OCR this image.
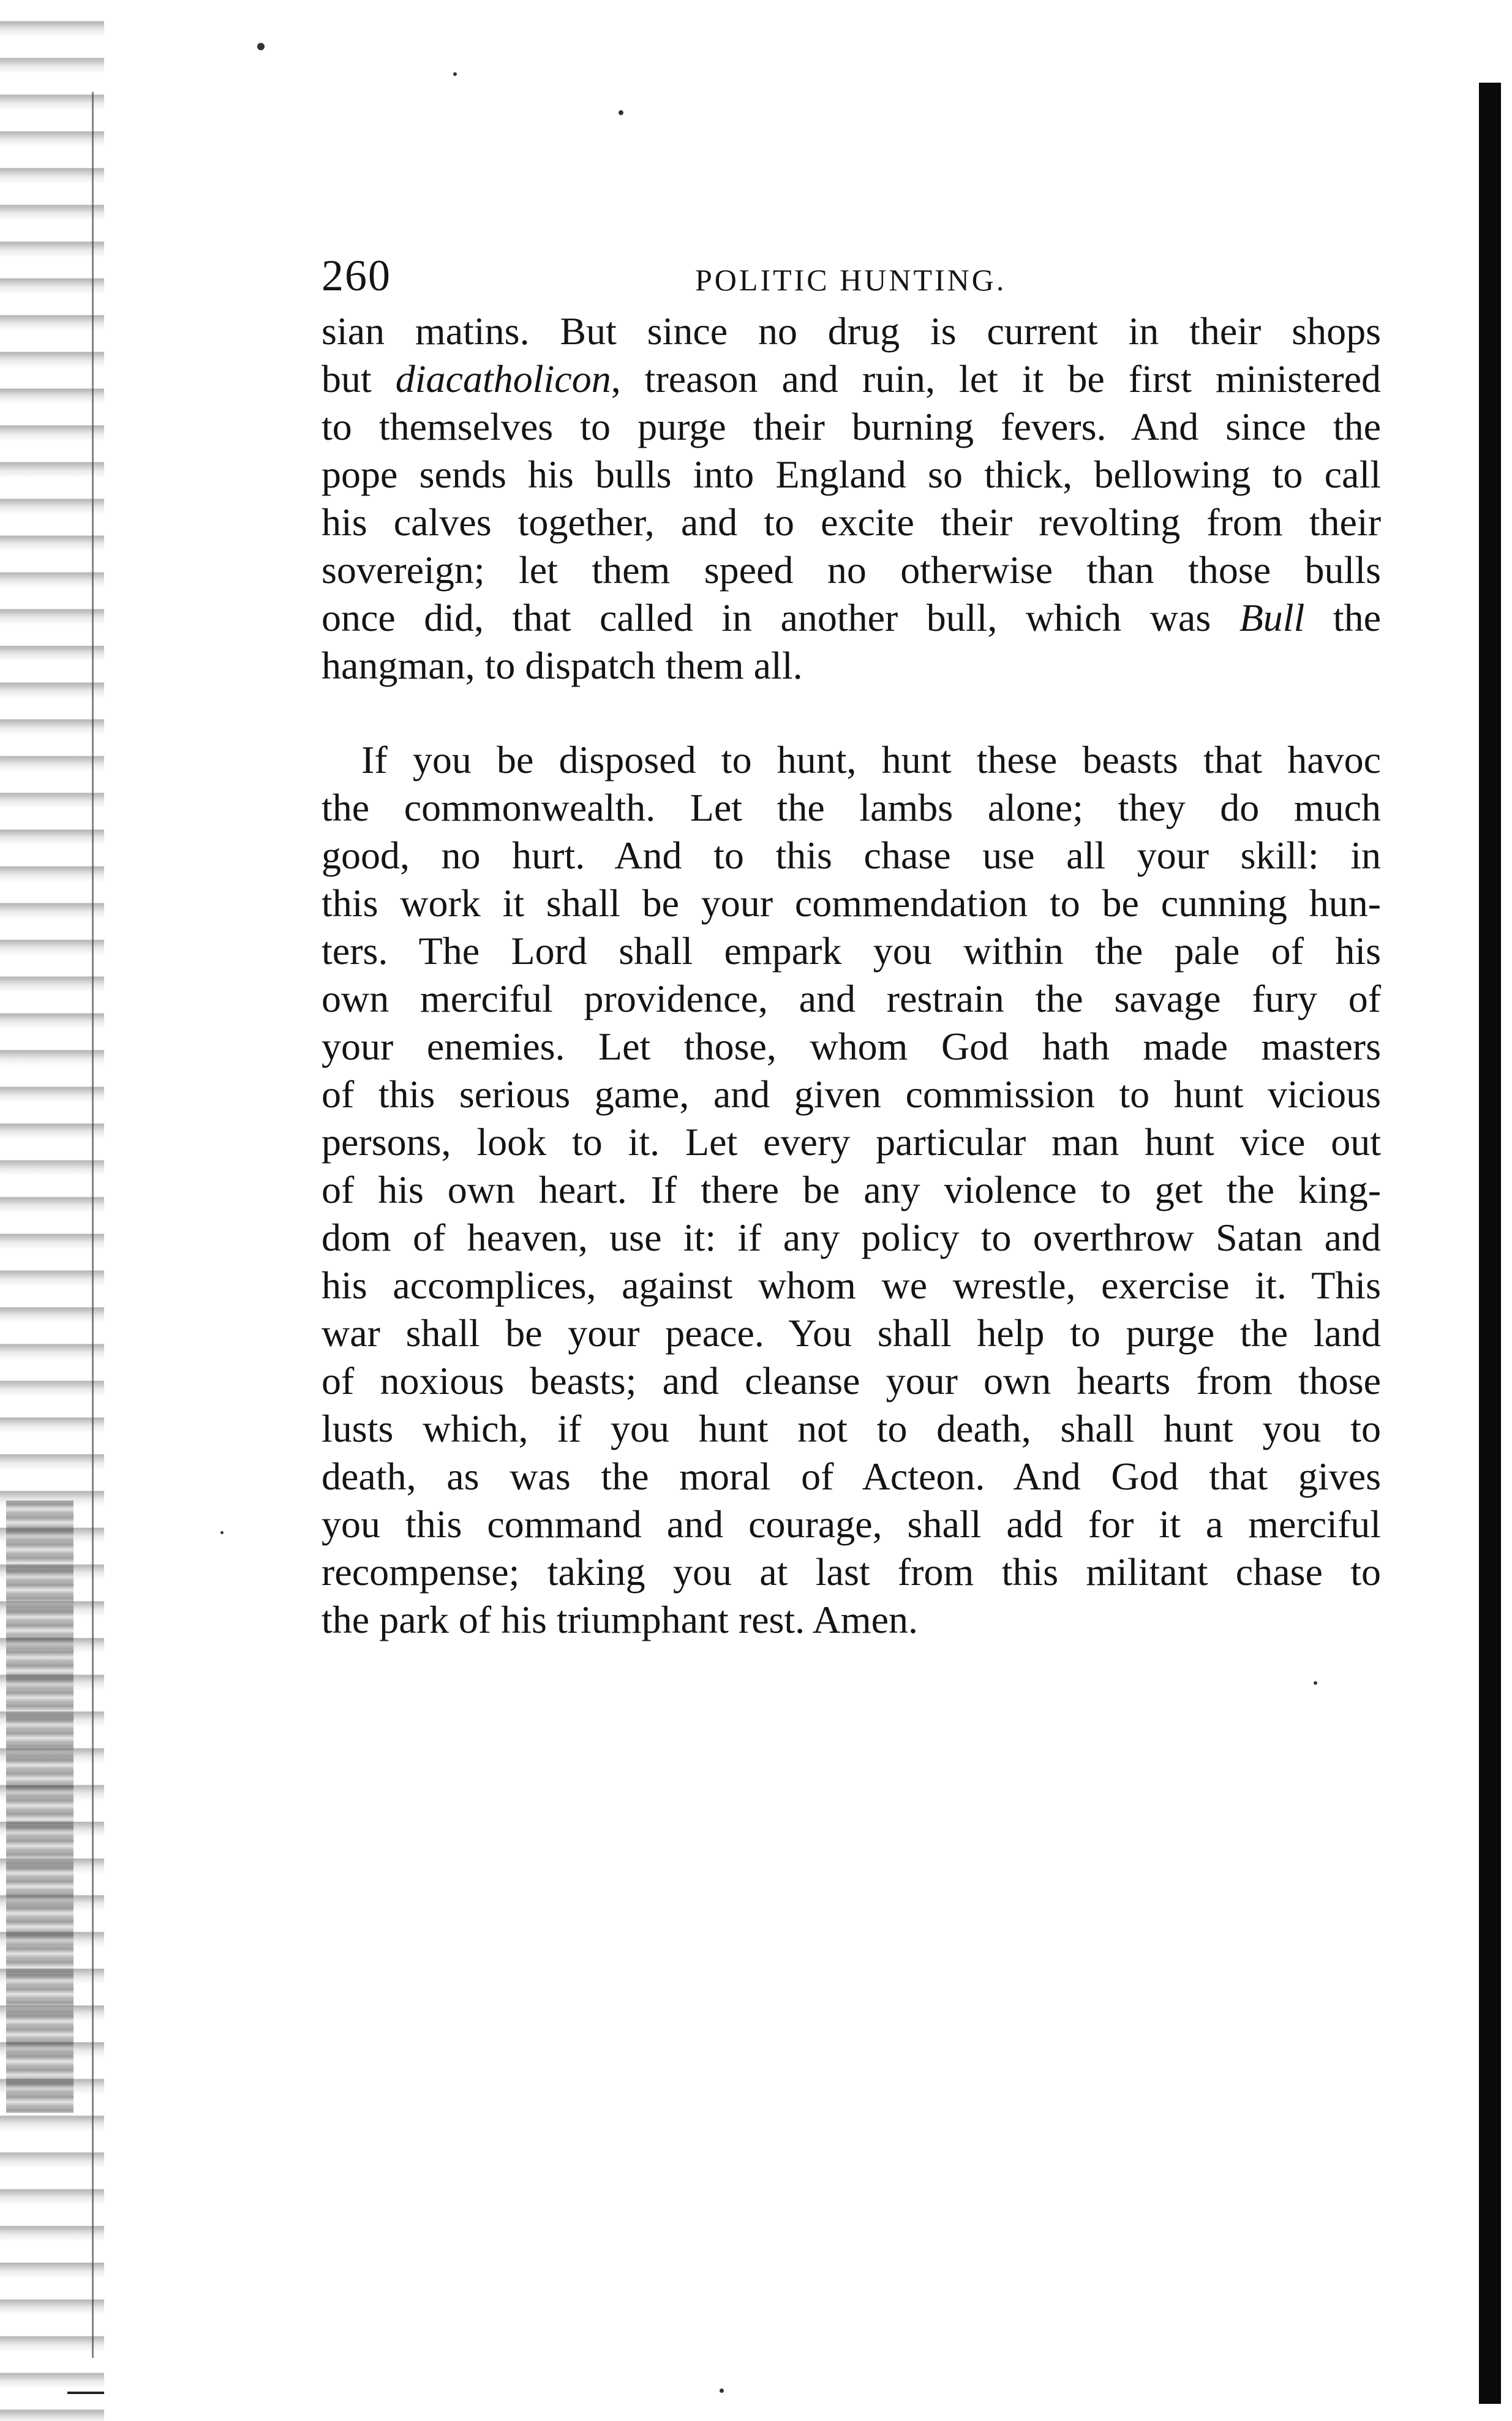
260	POLITIC HUNTING.
sian matins. But since no drug is current in their shops
but diacatholicon, treason and ruin, let it be first ministered
to themselves to purge their burning fevers. And since the
pope sends his bulls into England so thick, bellowing to call
his calves together, and to excite their revolting from their
sovereign; let them speed no otherwise than those bulls
once did, that called in another bull, which was Bull the
hangman, to dispatch them all.
If you be disposed to hunt, hunt these beasts that havoc
the commonwealth. Let the lambs alone; they do much
good, no hurt. And to this chase use all your skill: in
this work it shall be your commendation to be cunning hun-
ters. The Lord shall empark you within the pale of his
own merciful providence, and restrain the savage fury of
your enemies. Let those, whom God hath made masters
of this serious game, and given commission to hunt vicious
persons, look to it. Let every particular man hunt vice out
of his own heart. If there be any violence to get the king-
dom of heaven, use it: if any policy to overthrow Satan and
his accomplices, against whom we wrestle, exercise it. This
war shall be your peace. You shall help to purge the land
of noxious beasts; and cleanse your own hearts from those
lusts which, if you hunt not to death, shall hunt you to
death, as was the moral of Acteon. And God that gives
you this command and courage, shall add for it a merciful
recompense; taking you at last from this militant chase to
the park of his triumphant rest. Amen.
